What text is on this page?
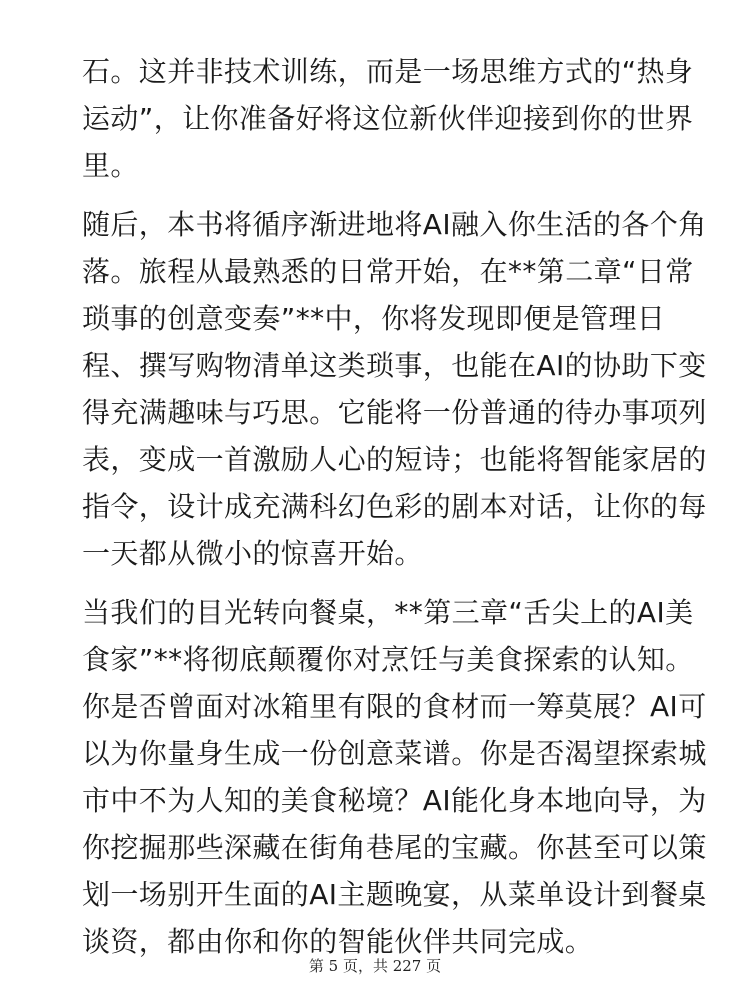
石。这并非技术训练，而是一场思维方式的“热身
运动”，让你准备好将这位新伙伴迎接到你的世界
里。
随后，本书将循序渐进地将AI融入你生活的各个角
落。旅程从最熟悉的日常开始，在**第二章“日常
琐事的创意变奏”**中，你将发现即便是管理日
程、撰写购物清单这类琐事，也能在AI的协助下变
得充满趣味与巧思。它能将一份普通的待办事项列
表，变成一首激励人心的短诗；也能将智能家居的
指令，设计成充满科幻色彩的剧本对话，让你的每
一天都从微小的惊喜开始。
当我们的目光转向餐桌，**第三章“舌尖上的AI美
食家”**将彻底颠覆你对烹饪与美食探索的认知。
你是否曾面对冰箱里有限的食材而一筹莫展？AI可
以为你量身生成一份创意菜谱。你是否渴望探索城
市中不为人知的美食秘境？AI能化身本地向导，为
你挖掘那些深藏在街角巷尾的宝藏。你甚至可以策
划一场别开生面的AI主题晚宴，从菜单设计到餐桌
谈资，都由你和你的智能伙伴共同完成。
第 5 页，共 227 页
